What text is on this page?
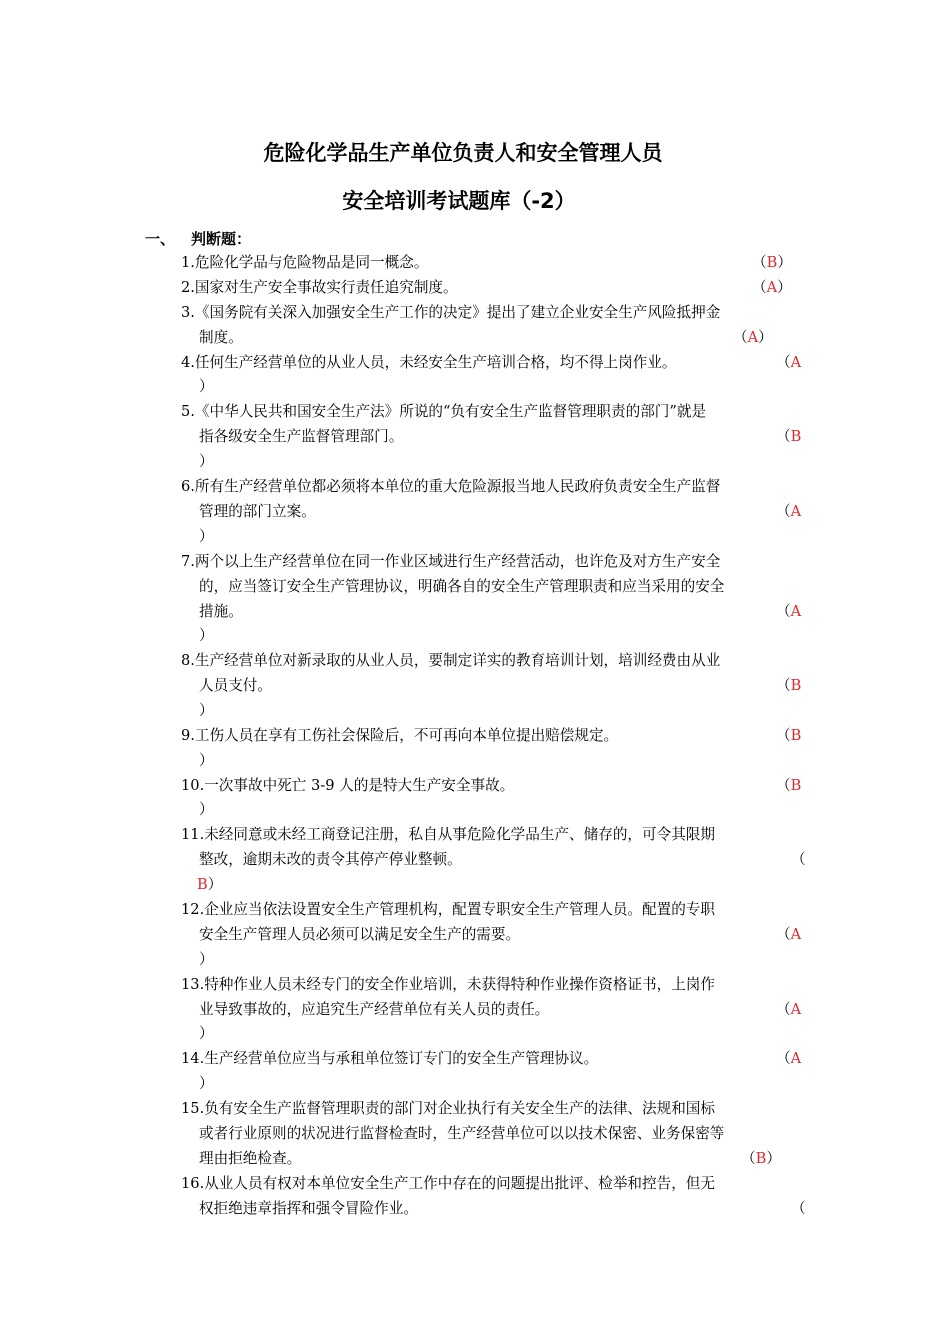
危险化学品生产单位负责人和安全管理人员
安全培训考试题库（-2）
一、 判断题：
1.危险化学品与危险物品是同一概念。	（B）
2.国家对生产安全事故实行责任追究制度。	（A）
3.《国务院有关深入加强安全生产工作的决定》提出了建立企业安全生产风险抵押金
制度。	（A）
4.任何生产经营单位的从业人员，未经安全生产培训合格，均不得上岗作业。	（A
）
5.《中华人民共和国安全生产法》所说的“负有安全生产监督管理职责的部门”就是
指各级安全生产监督管理部门。	（B
）
6.所有生产经营单位都必须将本单位的重大危险源报当地人民政府负责安全生产监督
管理的部门立案。	（A
）
7.两个以上生产经营单位在同一作业区域进行生产经营活动，也许危及对方生产安全
的，应当签订安全生产管理协议，明确各自的安全生产管理职责和应当采用的安全
措施。	（A
）
8.生产经营单位对新录取的从业人员，要制定详实的教育培训计划，培训经费由从业
人员支付。	（B
）
9.工伤人员在享有工伤社会保险后，不可再向本单位提出赔偿规定。	（B
）
10.一次事故中死亡 3-9 人的是特大生产安全事故。	（B
）
11.未经同意或未经工商登记注册，私自从事危险化学品生产、储存的，可令其限期
整改，逾期未改的责令其停产停业整顿。	（
B）
12.企业应当依法设置安全生产管理机构，配置专职安全生产管理人员。配置的专职
安全生产管理人员必须可以满足安全生产的需要。	（A
）
13.特种作业人员未经专门的安全作业培训，未获得特种作业操作资格证书，上岗作
业导致事故的，应追究生产经营单位有关人员的责任。	（A
）
14.生产经营单位应当与承租单位签订专门的安全生产管理协议。	（A
）
15.负有安全生产监督管理职责的部门对企业执行有关安全生产的法律、法规和国标
或者行业原则的状况进行监督检查时，生产经营单位可以以技术保密、业务保密等
理由拒绝检查。	（B）
16.从业人员有权对本单位安全生产工作中存在的问题提出批评、检举和控告，但无
权拒绝违章指挥和强令冒险作业。	（
